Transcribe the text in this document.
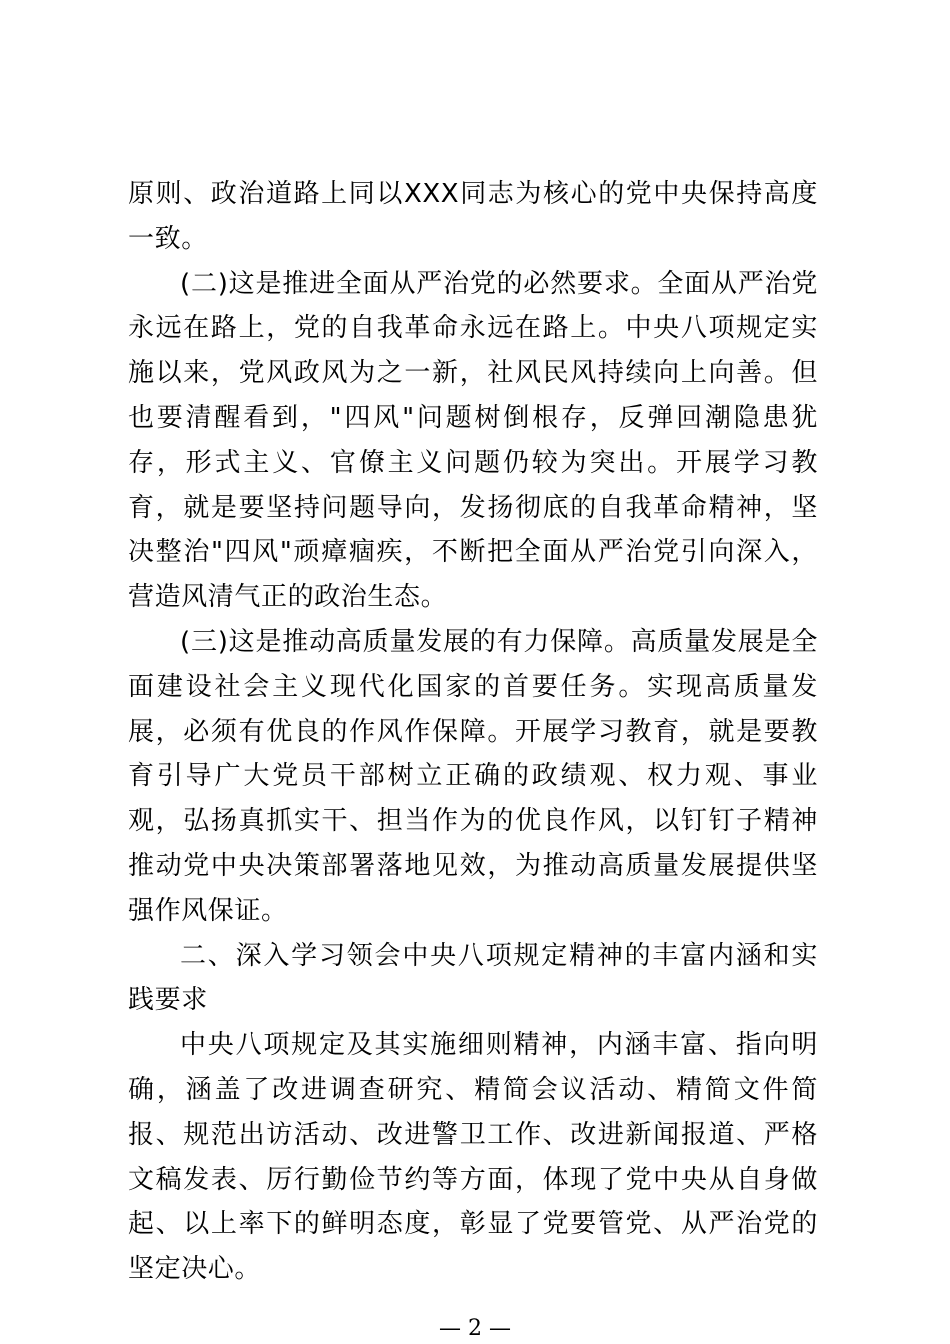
原则、政治道路上同以XXX同志为核心的党中央保持高度一致。

(二)这是推进全面从严治党的必然要求。全面从严治党永远在路上，党的自我革命永远在路上。中央八项规定实施以来，党风政风为之一新，社风民风持续向上向善。但也要清醒看到，"四风"问题树倒根存，反弹回潮隐患犹存，形式主义、官僚主义问题仍较为突出。开展学习教育，就是要坚持问题导向，发扬彻底的自我革命精神，坚决整治"四风"顽瘴痼疾，不断把全面从严治党引向深入，营造风清气正的政治生态。

(三)这是推动高质量发展的有力保障。高质量发展是全面建设社会主义现代化国家的首要任务。实现高质量发展，必须有优良的作风作保障。开展学习教育，就是要教育引导广大党员干部树立正确的政绩观、权力观、事业观，弘扬真抓实干、担当作为的优良作风，以钉钉子精神推动党中央决策部署落地见效，为推动高质量发展提供坚强作风保证。

二、深入学习领会中央八项规定精神的丰富内涵和实践要求

中央八项规定及其实施细则精神，内涵丰富、指向明确，涵盖了改进调查研究、精简会议活动、精简文件简报、规范出访活动、改进警卫工作、改进新闻报道、严格文稿发表、厉行勤俭节约等方面，体现了党中央从自身做起、以上率下的鲜明态度，彰显了党要管党、从严治党的坚定决心。

— 2 —
